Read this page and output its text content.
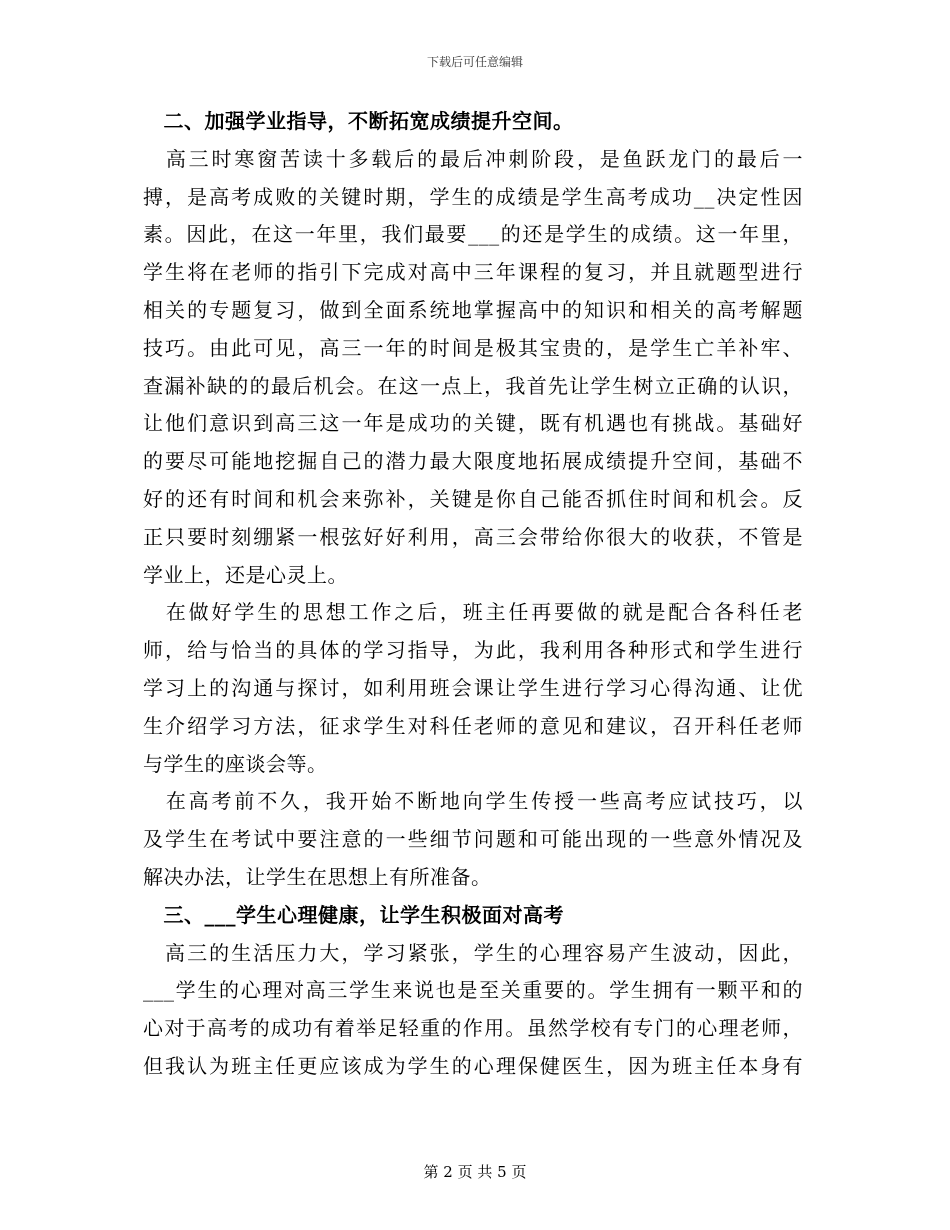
下载后可任意编辑
　二、加强学业指导，不断拓宽成绩提升空间。
　高三时寒窗苦读十多载后的最后冲刺阶段，是鱼跃龙门的最后一
搏，是高考成败的关键时期，学生的成绩是学生高考成功__决定性因
素。因此，在这一年里，我们最要___的还是学生的成绩。这一年里，
学生将在老师的指引下完成对高中三年课程的复习，并且就题型进行
相关的专题复习，做到全面系统地掌握高中的知识和相关的高考解题
技巧。由此可见，高三一年的时间是极其宝贵的，是学生亡羊补牢、
查漏补缺的的最后机会。在这一点上，我首先让学生树立正确的认识，
让他们意识到高三这一年是成功的关键，既有机遇也有挑战。基础好
的要尽可能地挖掘自己的潜力最大限度地拓展成绩提升空间，基础不
好的还有时间和机会来弥补，关键是你自己能否抓住时间和机会。反
正只要时刻绷紧一根弦好好利用，高三会带给你很大的收获，不管是
学业上，还是心灵上。
　在做好学生的思想工作之后，班主任再要做的就是配合各科任老
师，给与恰当的具体的学习指导，为此，我利用各种形式和学生进行
学习上的沟通与探讨，如利用班会课让学生进行学习心得沟通、让优
生介绍学习方法，征求学生对科任老师的意见和建议，召开科任老师
与学生的座谈会等。
　在高考前不久，我开始不断地向学生传授一些高考应试技巧，以
及学生在考试中要注意的一些细节问题和可能出现的一些意外情况及
解决办法，让学生在思想上有所准备。
　三、___学生心理健康，让学生积极面对高考
　高三的生活压力大，学习紧张，学生的心理容易产生波动，因此，
___学生的心理对高三学生来说也是至关重要的。学生拥有一颗平和的
心对于高考的成功有着举足轻重的作用。虽然学校有专门的心理老师，
但我认为班主任更应该成为学生的心理保健医生，因为班主任本身有
第 2 页 共 5 页
